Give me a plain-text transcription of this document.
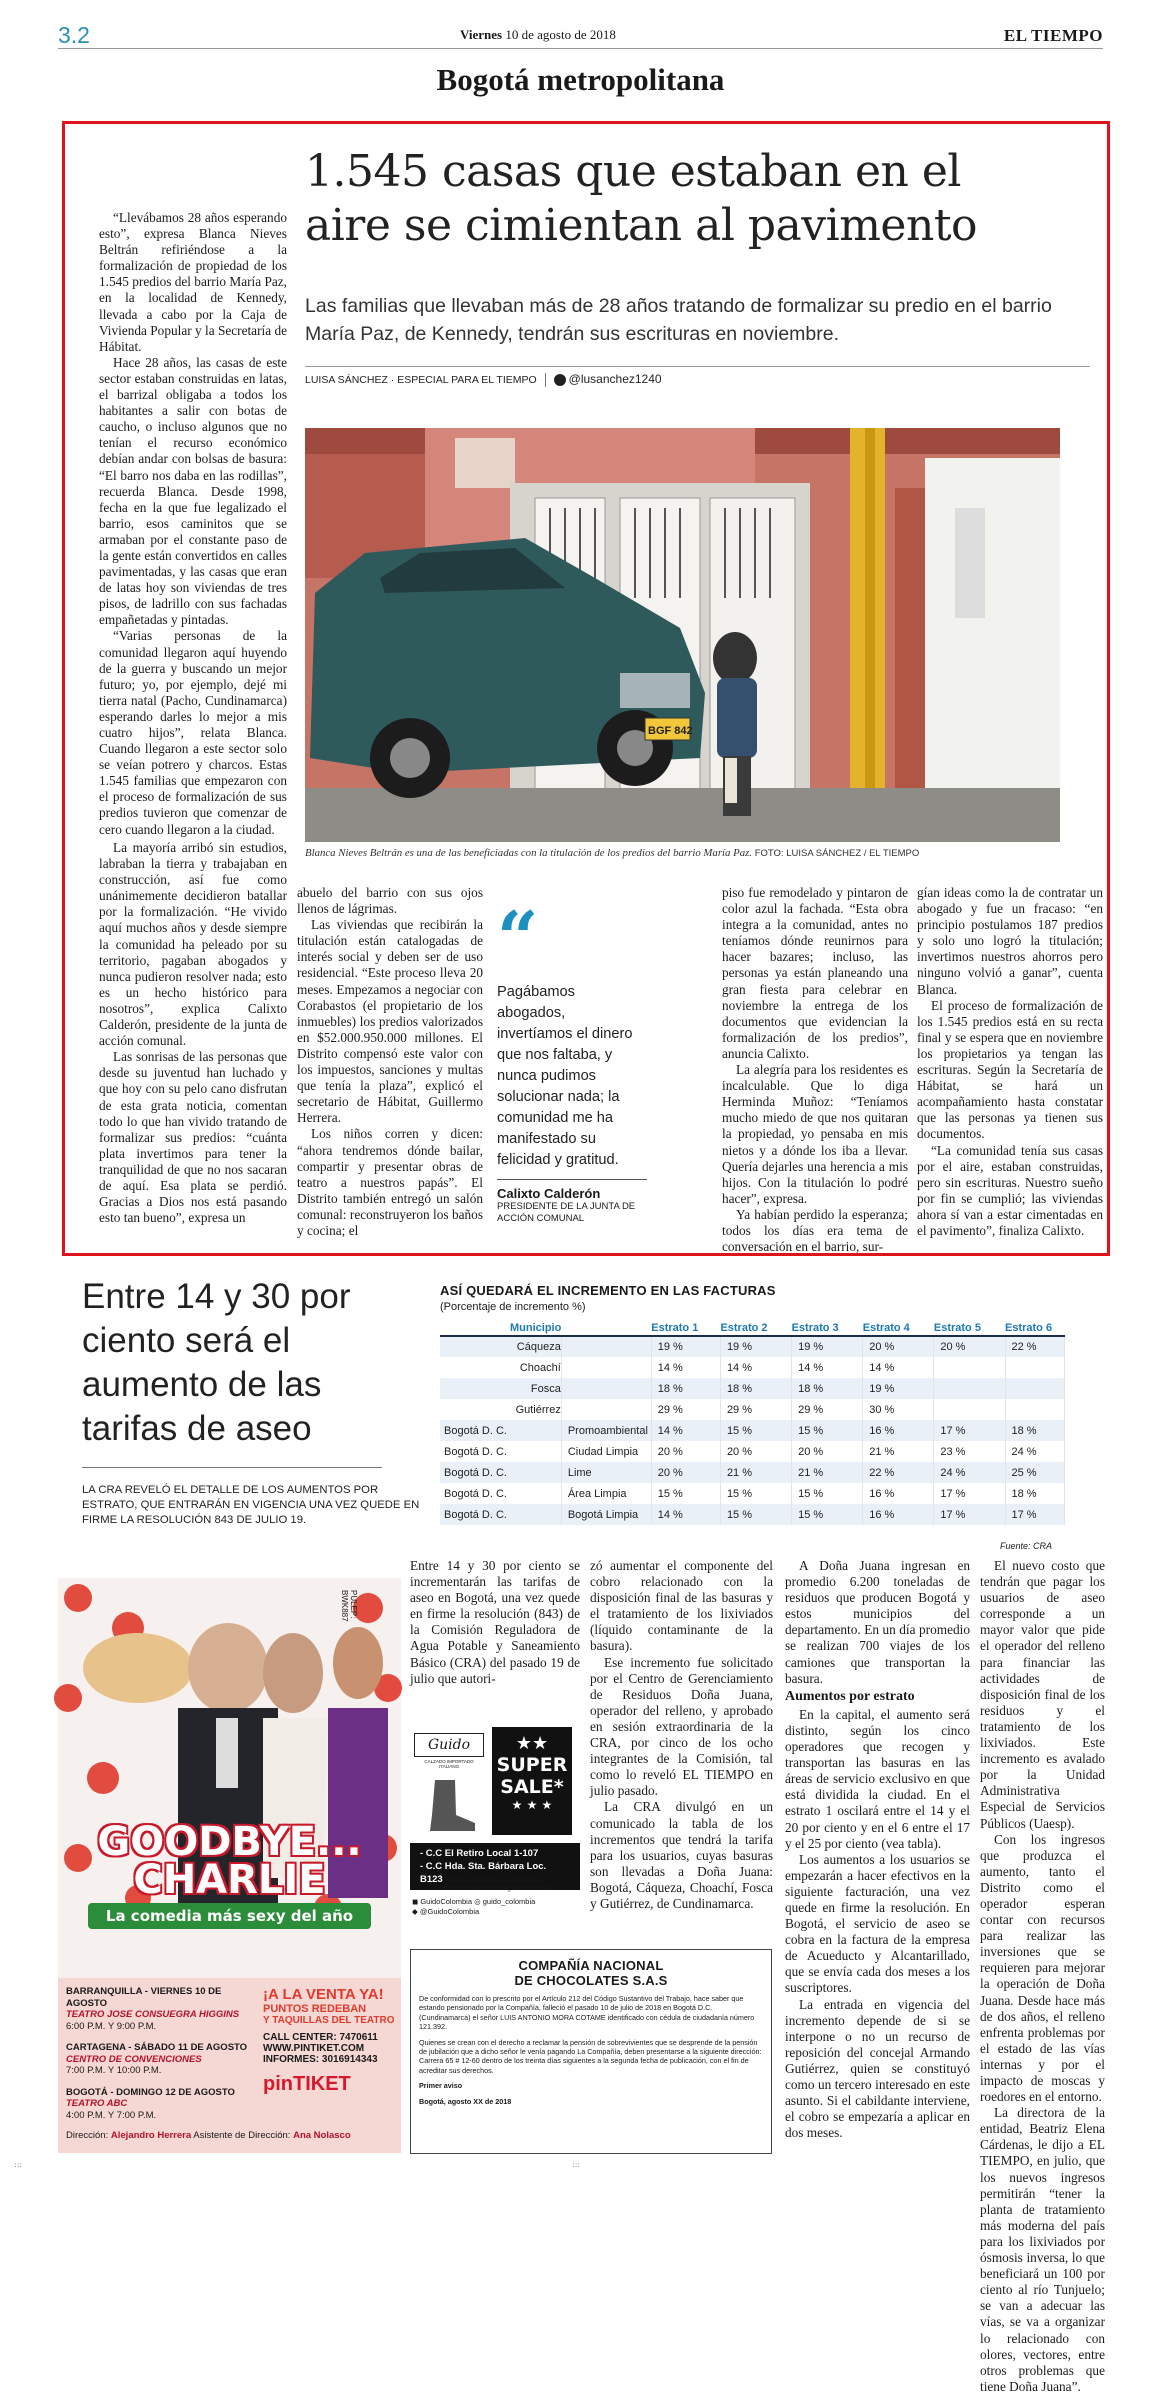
3.2	Viernes 10 de agosto de 2018	EL TIEMPO
Bogotá metropolitana
1.545 casas que estaban en el
aire se cimientan al pavimento
Las familias que llevaban más de 28 años tratando de formalizar su predio en el barrio María Paz, de Kennedy, tendrán sus escrituras en noviembre.
LUISA SÁNCHEZ · ESPECIAL PARA EL TIEMPO	@lusanchez1240

“Llevábamos 28 años esperando esto”, expresa Blanca Nieves Beltrán refiriéndose a la formalización de propiedad de los 1.545 predios del barrio María Paz, en la localidad de Kennedy, llevada a cabo por la Caja de Vivienda Popular y la Secretaría de Hábitat.

Hace 28 años, las casas de este sector estaban construidas en latas, el barrizal obligaba a todos los habitantes a salir con botas de caucho, o incluso algunos que no tenían el recurso económico debían andar con bolsas de basura: “El barro nos daba en las rodillas”, recuerda Blanca. Desde 1998, fecha en la que fue legalizado el barrio, esos caminitos que se armaban por el constante paso de la gente están convertidos en calles pavimentadas, y las casas que eran de latas hoy son viviendas de tres pisos, de ladrillo con sus fachadas empañetadas y pintadas.

“Varias personas de la comunidad llegaron aquí huyendo de la guerra y buscando un mejor futuro; yo, por ejemplo, dejé mi tierra natal (Pacho, Cundinamarca) esperando darles lo mejor a mis cuatro hijos”, relata Blanca. Cuando llegaron a este sector solo se veían potrero y charcos. Estas 1.545 familias que empezaron con el proceso de formalización de sus predios tuvieron que comenzar de cero cuando llegaron a la ciudad.

BGF 842
Blanca Nieves Beltrán es una de las beneficiadas con la titulación de los predios del barrio María Paz. FOTO: LUISA SÁNCHEZ / EL TIEMPO

La mayoría arribó sin estudios, labraban la tierra y trabajaban en construcción, así fue como unánimemente decidieron batallar por la formalización. “He vivido aquí muchos años y desde siempre la comunidad ha peleado por su territorio, pagaban abogados y nunca pudieron resolver nada; esto es un hecho histórico para nosotros”, explica Calixto Calderón, presidente de la junta de acción comunal.

Las sonrisas de las personas que desde su juventud han luchado y que hoy con su pelo cano disfrutan de esta grata noticia, comentan todo lo que han vivido tratando de formalizar sus predios: “cuánta plata invertimos para tener la tranquilidad de que no nos sacaran de aquí. Esa plata se perdió. Gracias a Dios nos está pasando esto tan bueno”, expresa un

abuelo del barrio con sus ojos llenos de lágrimas.

Las viviendas que recibirán la titulación están catalogadas de interés social y deben ser de uso residencial. “Este proceso lleva 20 meses. Empezamos a negociar con Corabastos (el propietario de los inmuebles) los predios valorizados en $52.000.950.000 millones. El Distrito compensó este valor con los impuestos, sanciones y multas que tenía la plaza”, explicó el secretario de Hábitat, Guillermo Herrera.

Los niños corren y dicen: “ahora tendremos dónde bailar, compartir y presentar obras de teatro a nuestros papás”. El Distrito también entregó un salón comunal: reconstruyeron los baños y cocina; el

“
Pagábamos abogados, invertíamos el dinero que nos faltaba, y nunca pudimos solucionar nada; la comunidad me ha manifestado su felicidad y gratitud.
Calixto Calderón
PRESIDENTE DE LA JUNTA DE ACCIÓN COMUNAL

piso fue remodelado y pintaron de color azul la fachada. “Esta obra integra a la comunidad, antes no teníamos dónde reunirnos para hacer bazares; incluso, las personas ya están planeando una gran fiesta para celebrar en noviembre la entrega de los documentos que evidencian la formalización de los predios”, anuncia Calixto.

La alegría para los residentes es incalculable. Que lo diga Herminda Muñoz: “Teníamos mucho miedo de que nos quitaran la propiedad, yo pensaba en mis nietos y a dónde los iba a llevar. Quería dejarles una herencia a mis hijos. Con la titulación lo podré hacer”, expresa.

Ya habían perdido la esperanza; todos los días era tema de conversación en el barrio, sur-

gían ideas como la de contratar un abogado y fue un fracaso: “en principio postulamos 187 predios y solo uno logró la titulación; invertimos nuestros ahorros pero ninguno volvió a ganar”, cuenta Blanca.

El proceso de formalización de los 1.545 predios está en su recta final y se espera que en noviembre los propietarios ya tengan las escrituras. Según la Secretaría de Hábitat, se hará un acompañamiento hasta constatar que las personas ya tienen sus documentos.

“La comunidad tenía sus casas por el aire, estaban construidas, pero sin escrituras. Nuestro sueño por fin se cumplió; las viviendas ahora sí van a estar cimentadas en el pavimento”, finaliza Calixto.

Entre 14 y 30 por ciento será el aumento de las tarifas de aseo
LA CRA REVELÓ EL DETALLE DE LOS AUMENTOS POR ESTRATO, QUE ENTRARÁN EN VIGENCIA UNA VEZ QUEDE EN FIRME LA RESOLUCIÓN 843 DE JULIO 19.
ASÍ QUEDARÁ EL INCREMENTO EN LAS FACTURAS
(Porcentaje de incremento %)
Municipio		Estrato 1	Estrato 2	Estrato 3	Estrato 4	Estrato 5	Estrato 6
Cáqueza		19 %	19 %	19 %	20 %	20 %	22 %
Choachí		14 %	14 %	14 %	14 %		
Fosca		18 %	18 %	18 %	19 %		
Gutiérrez		29 %	29 %	29 %	30 %		
Bogotá D. C.	Promoambiental	14 %	15 %	15 %	16 %	17 %	18 %
Bogotá D. C.	Ciudad Limpia	20 %	20 %	20 %	21 %	23 %	24 %
Bogotá D. C.	Lime	20 %	21 %	21 %	22 %	24 %	25 %
Bogotá D. C.	Área Limpia	15 %	15 %	15 %	16 %	17 %	18 %
Bogotá D. C.	Bogotá Limpia	14 %	15 %	15 %	16 %	17 %	17 %
Fuente: CRA

Entre 14 y 30 por ciento se incrementarán las tarifas de aseo en Bogotá, una vez quede en firme la resolución (843) de la Comisión Reguladora de Agua Potable y Saneamiento Básico (CRA) del pasado 19 de julio que autori-

zó aumentar el componente del cobro relacionado con la disposición final de las basuras y el tratamiento de los lixiviados (líquido contaminante de la basura).

Ese incremento fue solicitado por el Centro de Gerenciamiento de Residuos Doña Juana, operador del relleno, y aprobado en sesión extraordinaria de la CRA, por cinco de los ocho integrantes de la Comisión, tal como lo reveló EL TIEMPO en julio pasado.

La CRA divulgó en un comunicado la tabla de los incrementos que tendrá la tarifa para los usuarios, cuyas basuras son llevadas a Doña Juana: Bogotá, Cáqueza, Choachí, Fosca y Gutiérrez, de Cundinamarca.

A Doña Juana ingresan en promedio 6.200 toneladas de residuos que producen Bogotá y estos municipios del departamento. En un día promedio se realizan 700 viajes de los camiones que transportan la basura.

Aumentos por estrato

En la capital, el aumento será distinto, según los cinco operadores que recogen y transportan las basuras en las áreas de servicio exclusivo en que está dividida la ciudad. En el estrato 1 oscilará entre el 14 y el 20 por ciento y en el 6 entre el 17 y el 25 por ciento (vea tabla).

Los aumentos a los usuarios se empezarán a hacer efectivos en la siguiente facturación, una vez quede en firme la resolución. En Bogotá, el servicio de aseo se cobra en la factura de la empresa de Acueducto y Alcantarillado, que se envía cada dos meses a los suscriptores.

La entrada en vigencia del incremento depende de si se interpone o no un recurso de reposición del concejal Armando Gutiérrez, quien se constituyó como un tercero interesado en este asunto. Si el cabildante interviene, el cobro se empezaría a aplicar en dos meses.

El nuevo costo que tendrán que pagar los usuarios de aseo corresponde a un mayor valor que pide el operador del relleno para financiar las actividades de disposición final de los residuos y el tratamiento de los lixiviados. Este incremento es avalado por la Unidad Administrativa Especial de Servicios Públicos (Uaesp).

Con los ingresos que produzca el aumento, tanto el Distrito como el operador esperan contar con recursos para realizar las inversiones que se requieren para mejorar la operación de Doña Juana. Desde hace más de dos años, el relleno enfrenta problemas por el estado de las vías internas y por el impacto de moscas y roedores en el entorno.

La directora de la entidad, Beatriz Elena Cárdenas, le dijo a EL TIEMPO, en julio, que los nuevos ingresos permitirán “tener la planta de tratamiento más moderna del país para los lixiviados por ósmosis inversa, lo que beneficiará un 100 por ciento al río Tunjuelo; se van a adecuar las vías, se va a organizar lo relacionado con olores, vectores, entre otros problemas que tiene Doña Juana”.

GOODBYE...
CHARLIE
La comedia más sexy del año
PULEP: BWK887
BARRANQUILLA - VIERNES 10 DE AGOSTO
TEATRO JOSE CONSUEGRA HIGGINS
6:00 P.M. Y 9:00 P.M.
CARTAGENA - SÁBADO 11 DE AGOSTO
CENTRO DE CONVENCIONES
7:00 P.M. Y 10:00 P.M.
BOGOTÁ - DOMINGO 12 DE AGOSTO
TEATRO ABC
4:00 P.M. Y 7:00 P.M.
¡A LA VENTA YA!
PUNTOS REDEBAN
Y TAQUILLAS DEL TEATRO
CALL CENTER: 7470611
WWW.PINTIKET.COM
INFORMES: 3016914343
pinTIKET
Dirección: Alejandro Herrera Asistente de Dirección: Ana Nolasco
Guido
CALZADO IMPORTADO ITALIANO
★★
SUPER
SALE*
★ ★ ★
- C.C El Retiro Local 1-107
- C.C Hda. Sta. Bárbara Loc. B123 *Aplican condiciones y restricciones
*Promoción válida hasta agotar existencias
◼ GuidoColombia ◎ guido_colombia
◆ @GuidoColombia
COMPAÑÍA NACIONAL
DE CHOCOLATES S.A.S
De conformidad con lo prescrito por el Artículo 212 del Código Sustantivo del Trabajo, hace saber que estando pensionado por la Compañía, falleció el pasado 10 de julio de 2018 en Bogotá D.C. (Cundinamarca) el señor LUIS ANTONIO MORA COTAME identificado con cédula de ciudadanía número 121.392.
Quienes se crean con el derecho a reclamar la pensión de sobrevivientes que se desprende de la pensión de jubilación que a dicho señor le venía pagando La Compañía, deben presentarse a la siguiente dirección: Carrera 65 # 12-60 dentro de los treinta días siguientes a la segunda fecha de publicación, con el fin de acreditar sus derechos.
Primer aviso
Bogotá, agosto XX de 2018
:::	:::
